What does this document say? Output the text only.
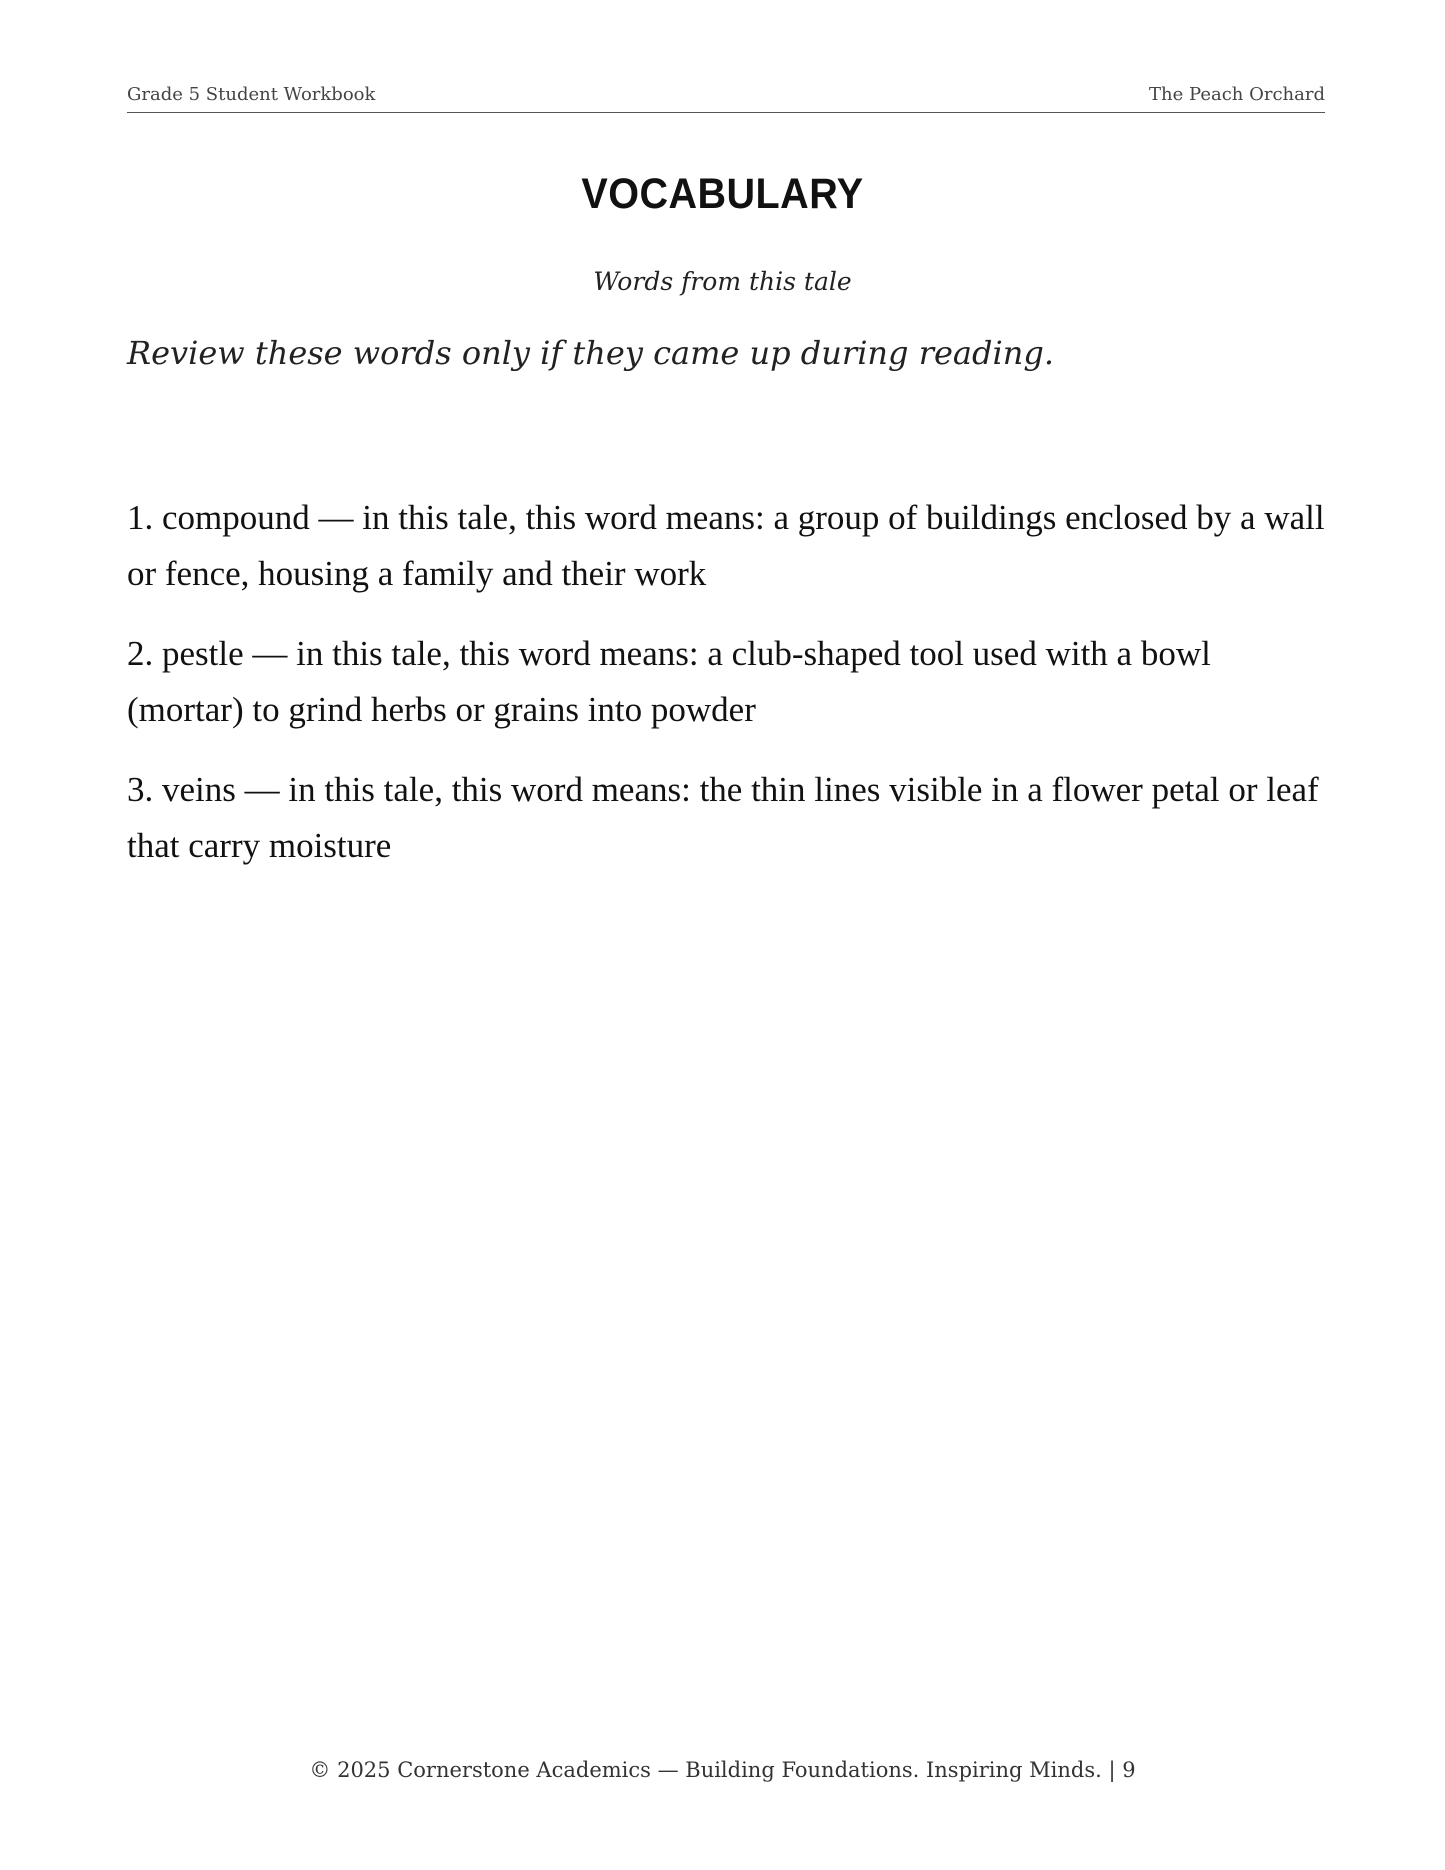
Grade 5 Student Workbook	The Peach Orchard
VOCABULARY
Words from this tale
Review these words only if they came up during reading.
1. compound — in this tale, this word means: a group of buildings enclosed by a wall or fence, housing a family and their work
2. pestle — in this tale, this word means: a club-shaped tool used with a bowl (mortar) to grind herbs or grains into powder
3. veins — in this tale, this word means: the thin lines visible in a flower petal or leaf that carry moisture
© 2025 Cornerstone Academics — Building Foundations. Inspiring Minds. | 9
